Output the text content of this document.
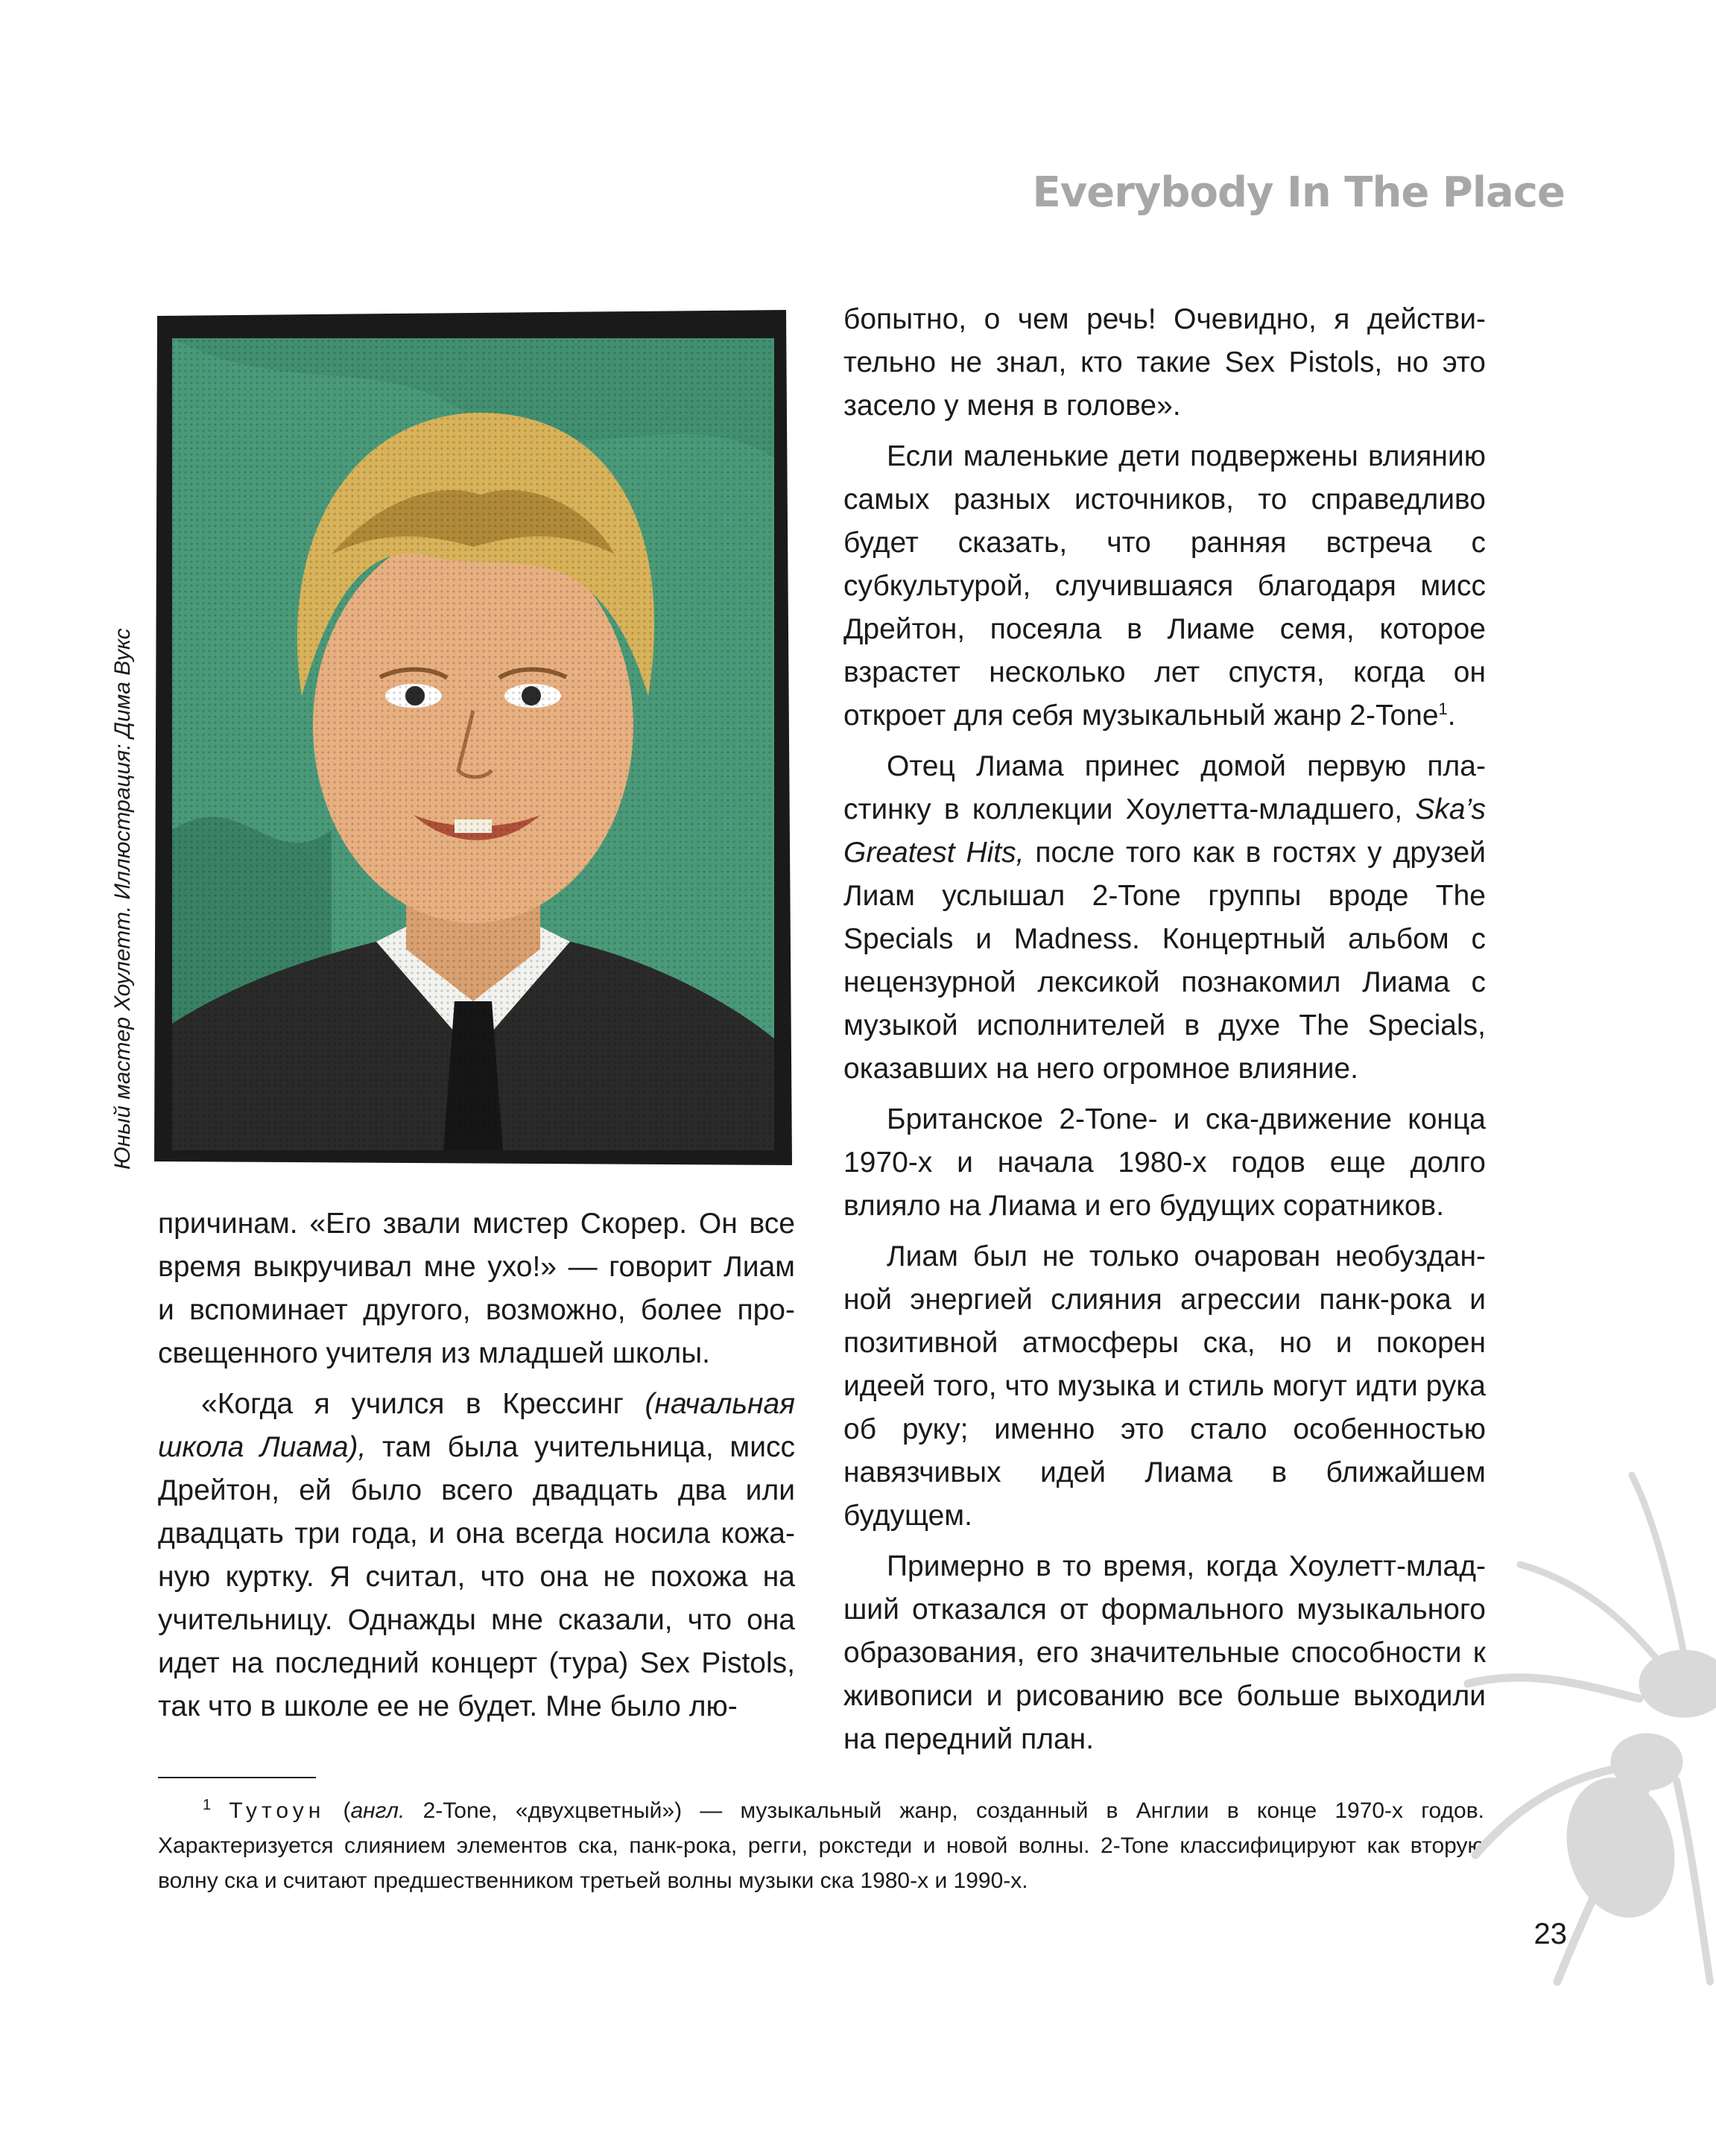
Everybody In The Place
Юный мастер Хоулетт. Иллюстрация: Дима Вукс

бопытно, о чем речь! Очевидно, я действительно не знал, кто такие Sex Pistols, но это засело у меня в голове».

Если маленькие дети подвержены влиянию самых разных источников, то справедливо будет сказать, что ранняя встреча с субкультурой, случившаяся благодаря мисс Дрейтон, посеяла в Лиаме семя, которое взрастет несколько лет спустя, когда он откроет для себя музыкальный жанр 2-Tone$^1$.

Отец Лиама принес домой первую пластинку в коллекции Хоулетта-младшего, Ska’s Greatest Hits, после того как в гостях у друзей Лиам услышал 2-Tone группы вроде The Specials и Madness. Концертный альбом с нецензурной лексикой познакомил Лиама с музыкой исполнителей в духе The Specials, оказавших на него огромное влияние.

Британское 2-Tone- и ска-движение конца 1970-х и начала 1980-х годов еще долго влияло на Лиама и его будущих соратников.

Лиам был не только очарован необузданной энергией слияния агрессии панк-рока и позитивной атмосферы ска, но и покорен идеей того, что музыка и стиль могут идти рука об руку; именно это стало особенностью навязчивых идей Лиама в ближайшем будущем.

Примерно в то время, когда Хоулетт-младший отказался от формального музыкального образования, его значительные способности к живописи и рисованию все больше выходили на передний план.

причинам. «Его звали мистер Скорер. Он все время выкручивал мне ухо!» — говорит Лиам и вспоминает другого, возможно, более просвещенного учителя из младшей школы.

«Когда я учился в Крессинг (начальная школа Лиама), там была учительница, мисс Дрейтон, ей было всего двадцать два или двадцать три года, и она всегда носила кожаную куртку. Я считал, что она не похожа на учительницу. Однажды мне сказали, что она идет на последний концерт (тура) Sex Pistols, так что в школе ее не будет. Мне было лю-

$^1$ Тутоун (англ. 2-Tone, «двухцветный») — музыкальный жанр, созданный в Англии в конце 1970-х годов. Характеризуется слиянием элементов ска, панк-рока, регги, рокстеди и новой волны. 2-Tone классифицируют как вторую волну ска и считают предшественником третьей волны музыки ска 1980-х и 1990-х.
23
